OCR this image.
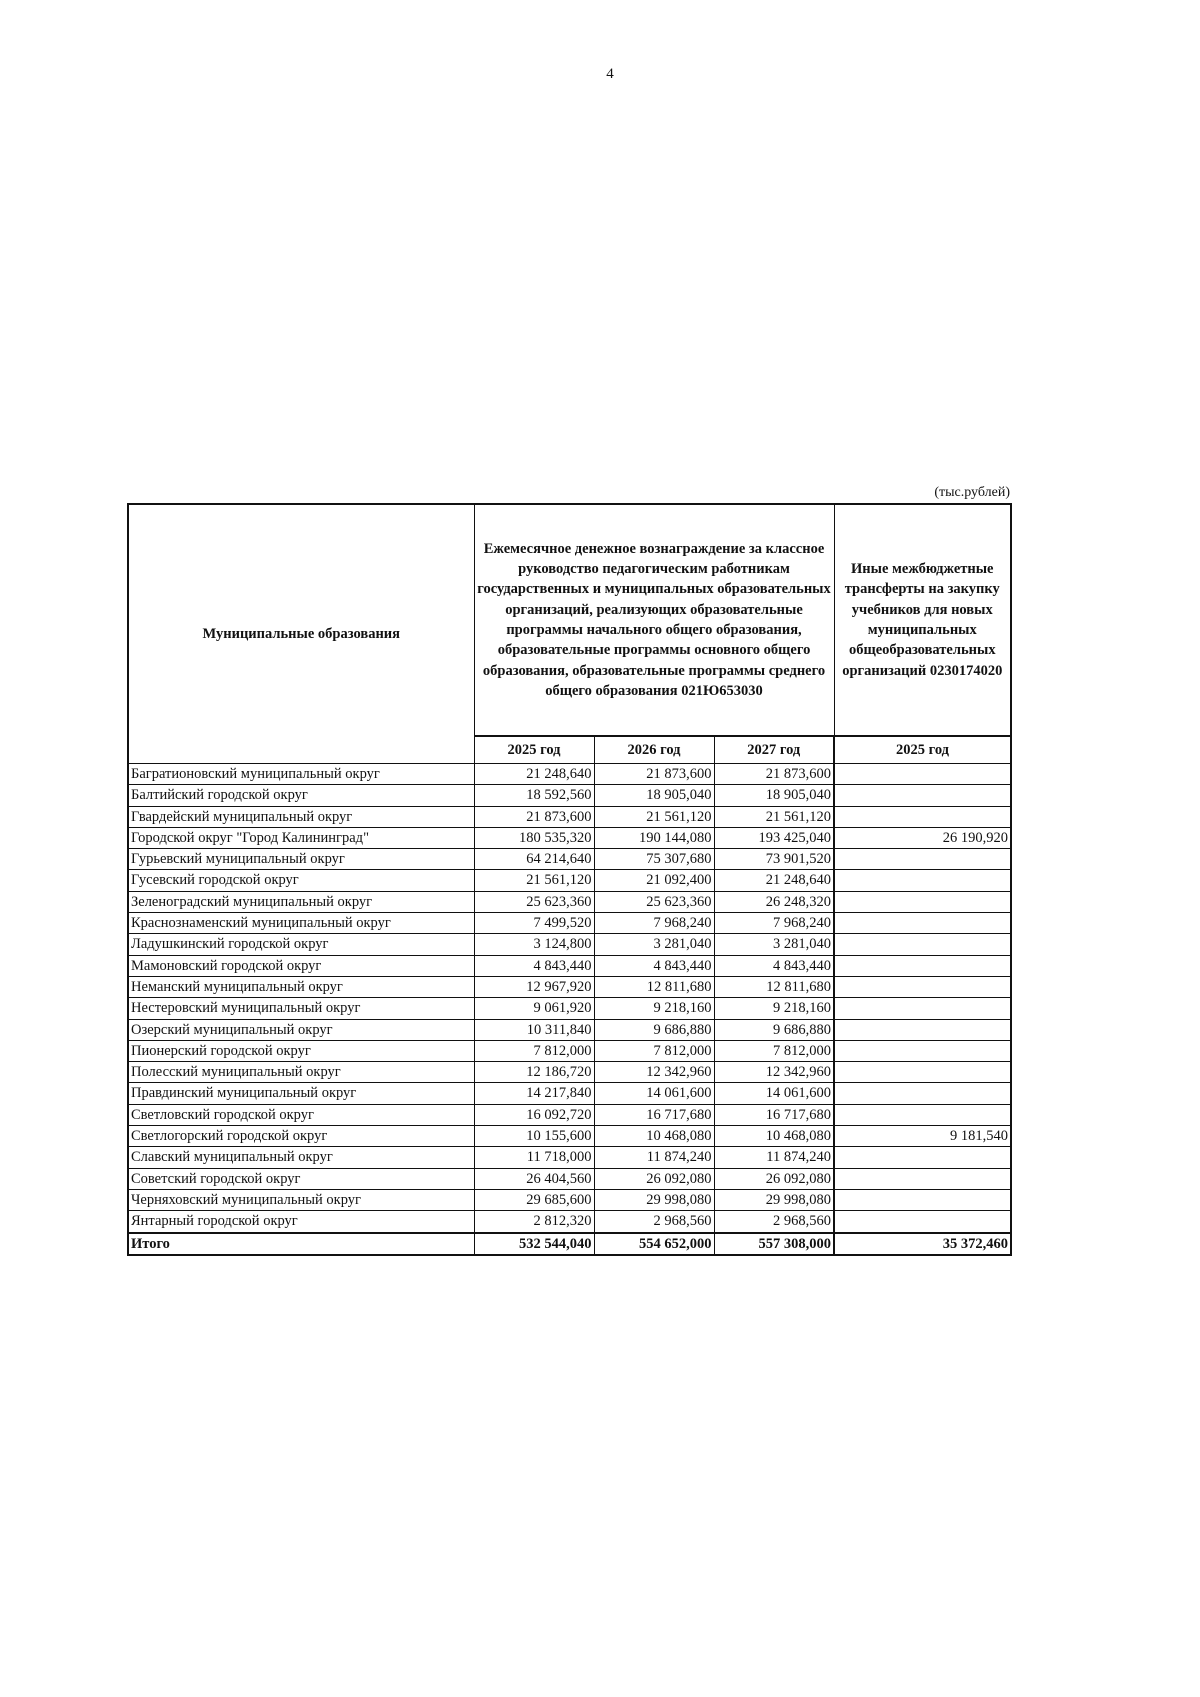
4
(тыс.рублей)
Муниципальные образования	Ежемесячное денежное вознаграждение за классное руководство педагогическим работникам государственных и муниципальных образовательных организаций, реализующих образовательные программы начального общего образования, образовательные программы основного общего образования, образовательные программы среднего общего образования 021Ю653030			Иные межбюджетные трансферты на закупку учебников для новых муниципальных общеобразовательных организаций 0230174020
	2025 год	2026 год	2027 год	2025 год
Багратионовский муниципальный округ	21 248,640	21 873,600	21 873,600	
Балтийский городской округ	18 592,560	18 905,040	18 905,040	
Гвардейский муниципальный округ	21 873,600	21 561,120	21 561,120	
Городской округ "Город Калининград"	180 535,320	190 144,080	193 425,040	26 190,920
Гурьевский муниципальный округ	64 214,640	75 307,680	73 901,520	
Гусевский городской округ	21 561,120	21 092,400	21 248,640	
Зеленоградский муниципальный округ	25 623,360	25 623,360	26 248,320	
Краснознаменский муниципальный округ	7 499,520	7 968,240	7 968,240	
Ладушкинский городской округ	3 124,800	3 281,040	3 281,040	
Мамоновский городской округ	4 843,440	4 843,440	4 843,440	
Неманский муниципальный округ	12 967,920	12 811,680	12 811,680	
Нестеровский муниципальный округ	9 061,920	9 218,160	9 218,160	
Озерский муниципальный округ	10 311,840	9 686,880	9 686,880	
Пионерский городской округ	7 812,000	7 812,000	7 812,000	
Полесский муниципальный округ	12 186,720	12 342,960	12 342,960	
Правдинский муниципальный округ	14 217,840	14 061,600	14 061,600	
Светловский городской округ	16 092,720	16 717,680	16 717,680	
Светлогорский городской округ	10 155,600	10 468,080	10 468,080	9 181,540
Славский муниципальный округ	11 718,000	11 874,240	11 874,240	
Советский городской округ	26 404,560	26 092,080	26 092,080	
Черняховский муниципальный округ	29 685,600	29 998,080	29 998,080	
Янтарный городской округ	2 812,320	2 968,560	2 968,560	
Итого	532 544,040	554 652,000	557 308,000	35 372,460
